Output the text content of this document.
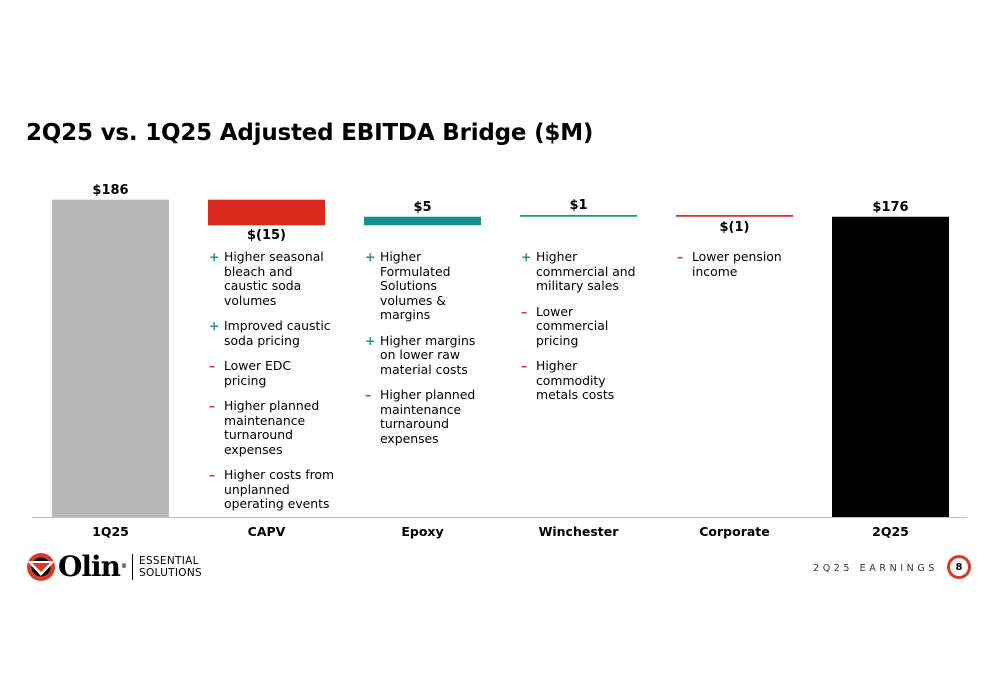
2Q25 vs. 1Q25 Adjusted EBITDA Bridge ($M)
$186
1Q25
$(15)
CAPV
+ Higher seasonal bleach and caustic soda volumes
+ Improved caustic soda pricing
– Lower EDC pricing
– Higher planned maintenance turnaround expenses
– Higher costs from unplanned operating events
$5
Epoxy
+ Higher Formulated Solutions volumes & margins
+ Higher margins on lower raw material costs
– Higher planned maintenance turnaround expenses
$1
Winchester
+ Higher commercial and military sales
– Lower commercial pricing
– Higher commodity metals costs
$(1)
Corporate
– Lower pension income
$176
2Q25
Olin® ESSENTIAL
SOLUTIONS	2Q25 EARNINGS	8
